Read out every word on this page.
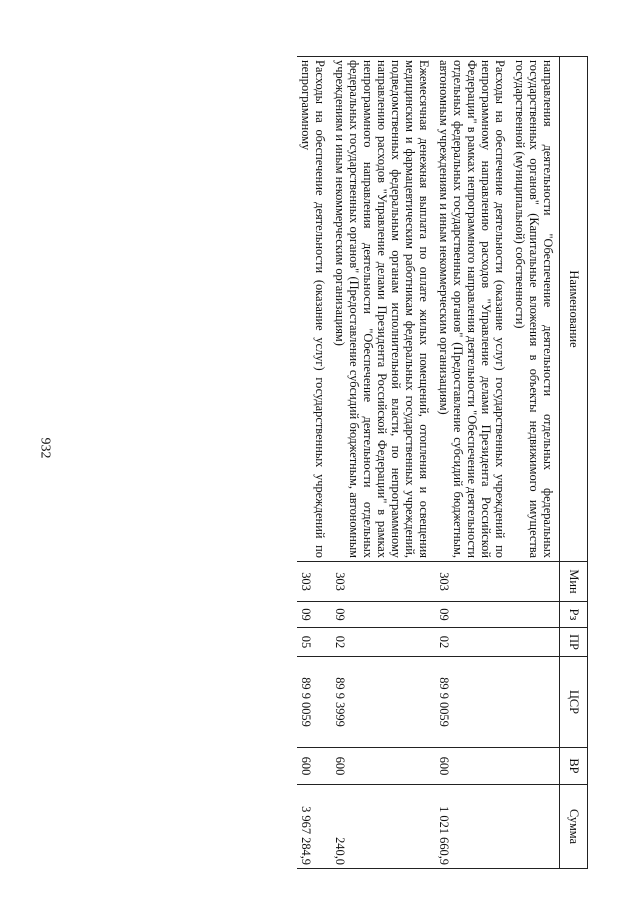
932
Наименование	Мин	Рз	ПР	ЦСР	ВР	Сумма
направления деятельности "Обеспечение деятельности отдельных федеральных государственных органов" (Капитальные вложения в объекты недвижимого имущества государственной (муниципальной) собственности)						
Расходы на обеспечение деятельности (оказание услуг) государственных учреждений по непрограммному направлению расходов "Управление делами Президента Российской Федерации" в рамках непрограммного направления деятельности "Обеспечение деятельности отдельных федеральных государственных органов" (Предоставление субсидий бюджетным, автономным учреждениям и иным некоммерческим организациям)	303	09	02	89 9 0059	600	1 021 660,9
Ежемесячная денежная выплата по оплате жилых помещений, отопления и освещения медицинским и фармацевтическим работникам федеральных государственных учреждений, подведомственных федеральным органам исполнительной власти, по непрограммному направлению расходов "Управление делами Президента Российской Федерации" в рамках непрограммного направления деятельности "Обеспечение деятельности отдельных федеральных государственных органов" (Предоставление субсидий бюджетным, автономным учреждениям и иным некоммерческим организациям)	303	09	02	89 9 3999	600	240,0
Расходы на обеспечение деятельности (оказание услуг) государственных учреждений по непрограммному	303	09	05	89 9 0059	600	3 967 284,9
